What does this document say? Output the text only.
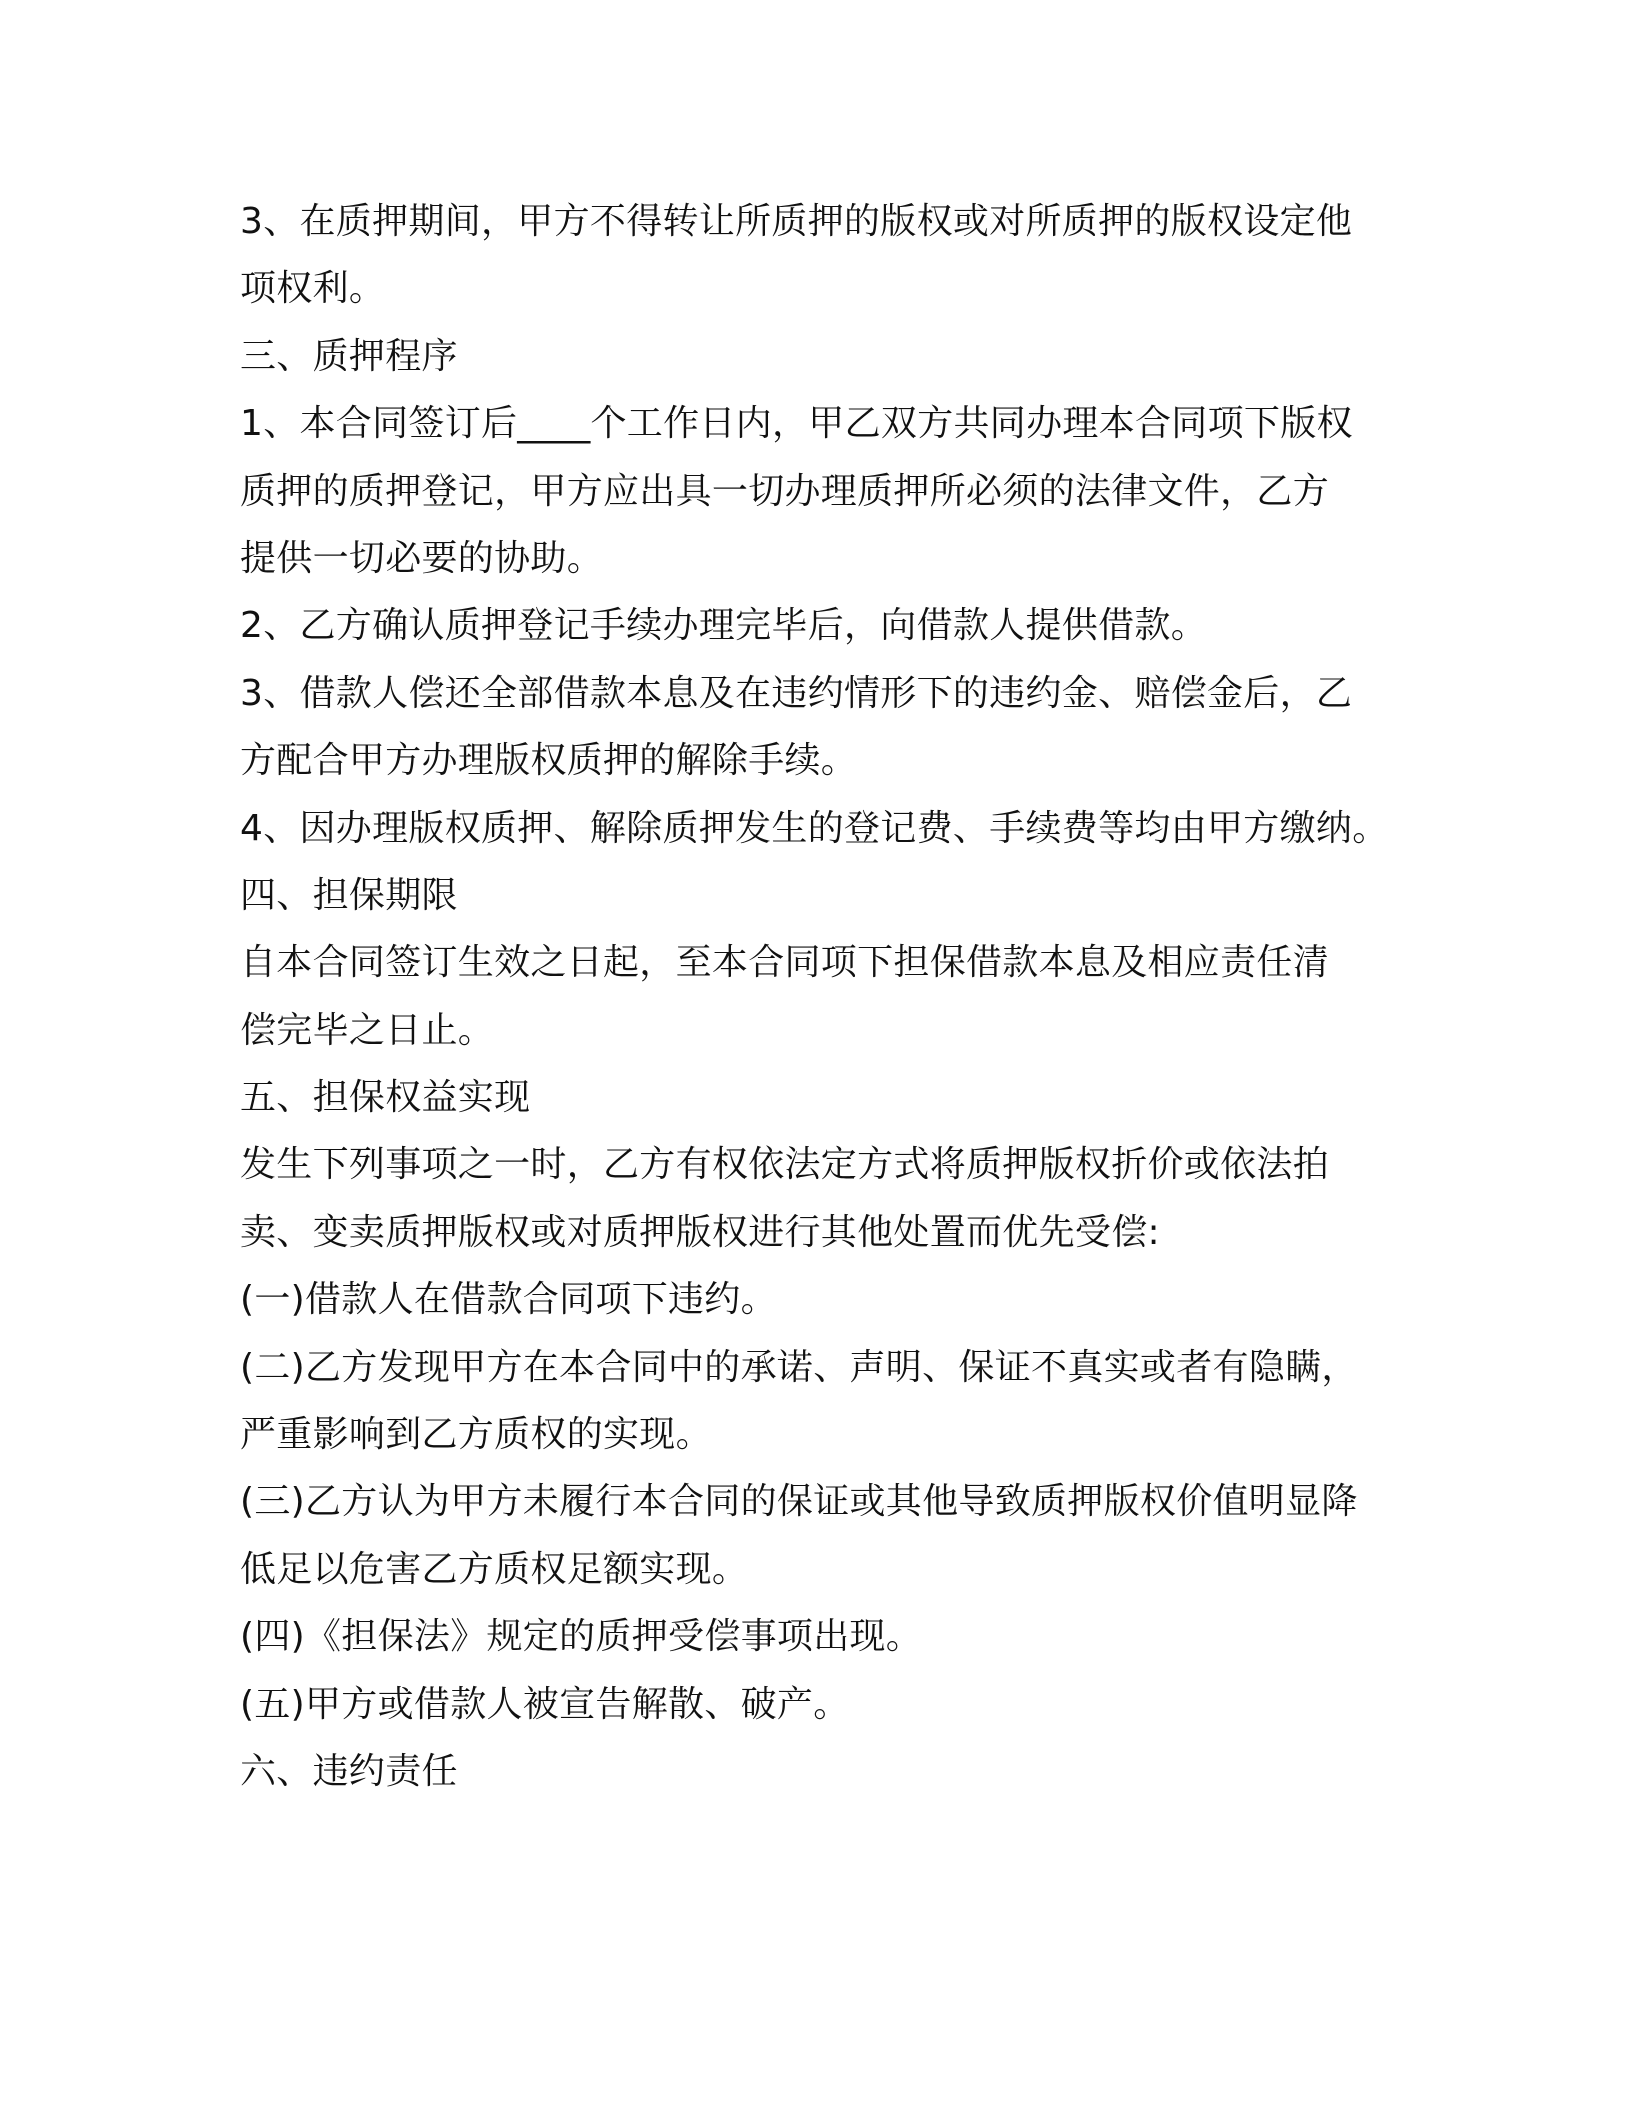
3、在质押期间，甲方不得转让所质押的版权或对所质押的版权设定他
项权利。
三、质押程序
1、本合同签订后____个工作日内，甲乙双方共同办理本合同项下版权
质押的质押登记，甲方应出具一切办理质押所必须的法律文件，乙方
提供一切必要的协助。
2、乙方确认质押登记手续办理完毕后，向借款人提供借款。
3、借款人偿还全部借款本息及在违约情形下的违约金、赔偿金后，乙
方配合甲方办理版权质押的解除手续。
4、因办理版权质押、解除质押发生的登记费、手续费等均由甲方缴纳。
四、担保期限
自本合同签订生效之日起，至本合同项下担保借款本息及相应责任清
偿完毕之日止。
五、担保权益实现
发生下列事项之一时，乙方有权依法定方式将质押版权折价或依法拍
卖、变卖质押版权或对质押版权进行其他处置而优先受偿:
(一)借款人在借款合同项下违约。
(二)乙方发现甲方在本合同中的承诺、声明、保证不真实或者有隐瞒，
严重影响到乙方质权的实现。
(三)乙方认为甲方未履行本合同的保证或其他导致质押版权价值明显降
低足以危害乙方质权足额实现。
(四)《担保法》规定的质押受偿事项出现。
(五)甲方或借款人被宣告解散、破产。
六、违约责任
